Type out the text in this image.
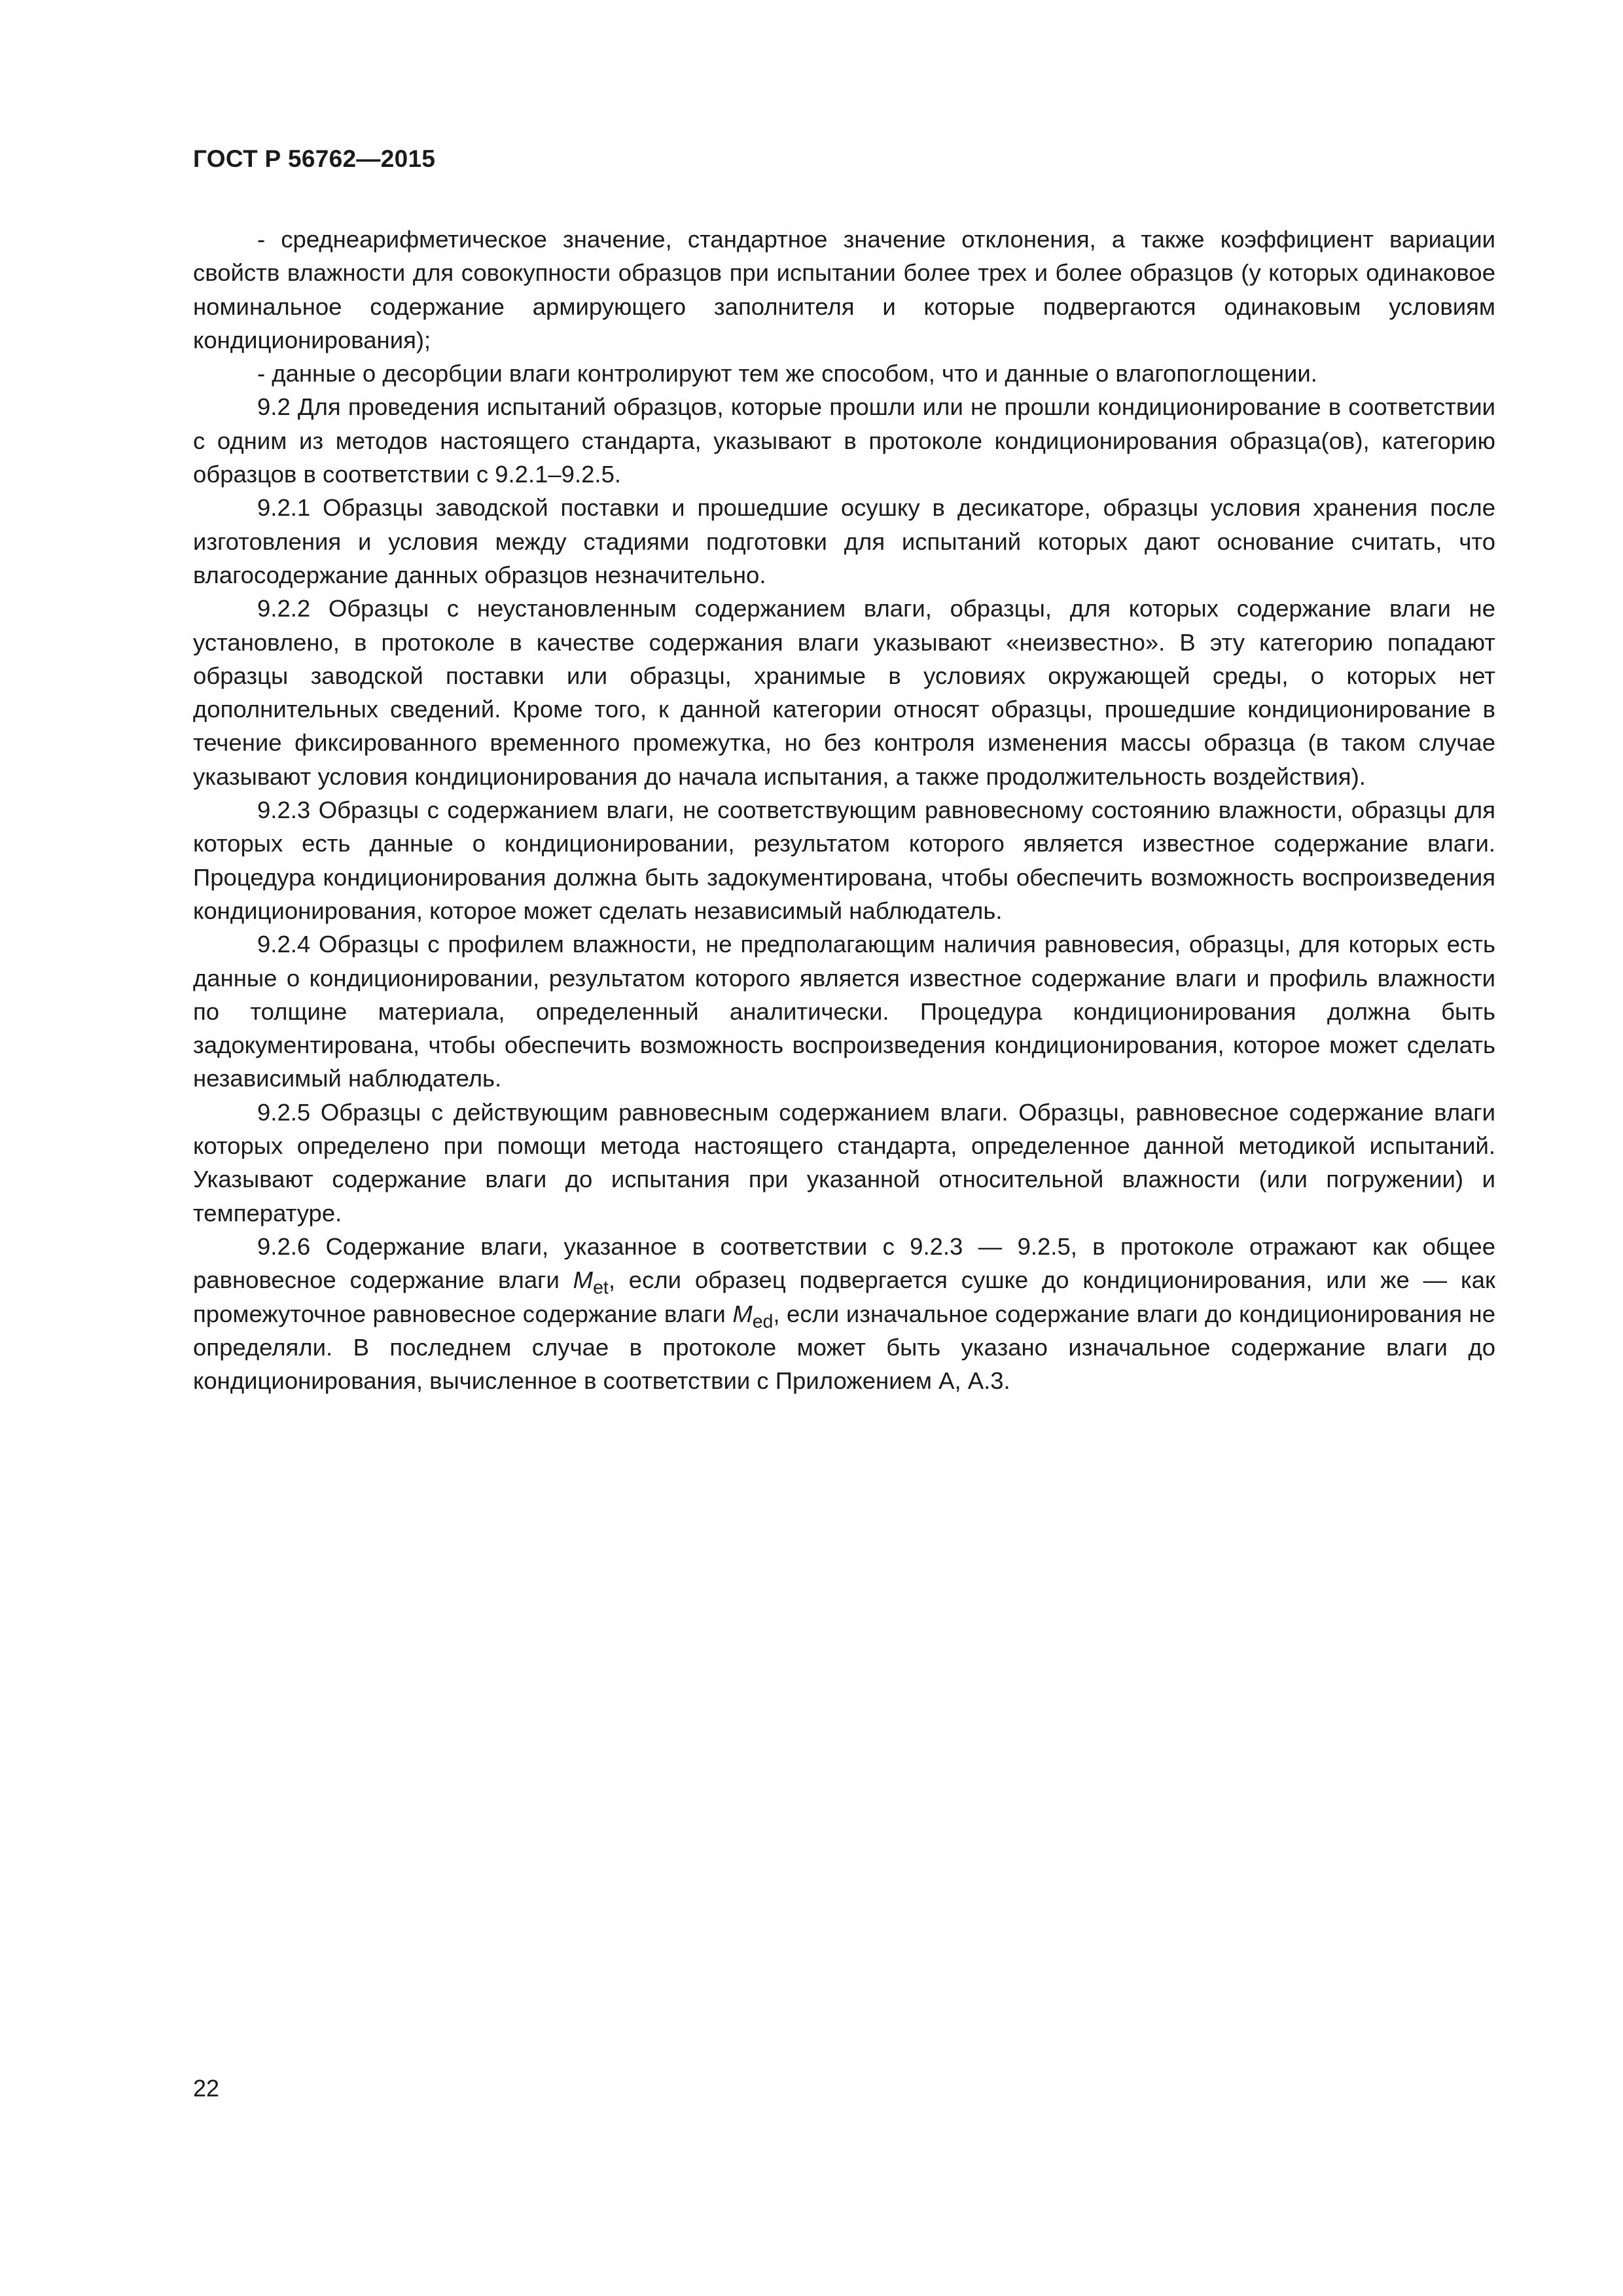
ГОСТ Р 56762—2015

- среднеарифметическое значение, стандартное значение отклонения, а также коэффициент вариации свойств влажности для совокупности образцов при испытании более трех и более образцов (у которых одинаковое номинальное содержание армирующего заполнителя и которые подвергаются одинаковым условиям кондиционирования);

- данные о десорбции влаги контролируют тем же способом, что и данные о влагопоглощении.

9.2 Для проведения испытаний образцов, которые прошли или не прошли кондиционирование в соответствии с одним из методов настоящего стандарта, указывают в протоколе кондиционирования образца(ов), категорию образцов в соответствии с 9.2.1–9.2.5.

9.2.1 Образцы заводской поставки и прошедшие осушку в десикаторе, образцы условия хранения после изготовления и условия между стадиями подготовки для испытаний которых дают основание считать, что влагосодержание данных образцов незначительно.

9.2.2 Образцы с неустановленным содержанием влаги, образцы, для которых содержание влаги не установлено, в протоколе в качестве содержания влаги указывают «неизвестно». В эту категорию попадают образцы заводской поставки или образцы, хранимые в условиях окружающей среды, о которых нет дополнительных сведений. Кроме того, к данной категории относят образцы, прошедшие кондиционирование в течение фиксированного временного промежутка, но без контроля изменения массы образца (в таком случае указывают условия кондиционирования до начала испытания, а также продолжительность воздействия).

9.2.3 Образцы с содержанием влаги, не соответствующим равновесному состоянию влажности, образцы для которых есть данные о кондиционировании, результатом которого является известное содержание влаги. Процедура кондиционирования должна быть задокументирована, чтобы обеспечить возможность воспроизведения кондиционирования, которое может сделать независимый наблюдатель.

9.2.4 Образцы с профилем влажности, не предполагающим наличия равновесия, образцы, для которых есть данные о кондиционировании, результатом которого является известное содержание влаги и профиль влажности по толщине материала, определенный аналитически. Процедура кондиционирования должна быть задокументирована, чтобы обеспечить возможность воспроизведения кондиционирования, которое может сделать независимый наблюдатель.

9.2.5 Образцы с действующим равновесным содержанием влаги. Образцы, равновесное содержание влаги которых определено при помощи метода настоящего стандарта, определенное данной методикой испытаний. Указывают содержание влаги до испытания при указанной относительной влажности (или погружении) и температуре.

9.2.6 Содержание влаги, указанное в соответствии с 9.2.3 — 9.2.5, в протоколе отражают как общее равновесное содержание влаги $M_{et}$, если образец подвергается сушке до кондиционирования, или же — как промежуточное равновесное содержание влаги $M_{ed}$, если изначальное содержание влаги до кондиционирования не определяли. В последнем случае в протоколе может быть указано изначальное содержание влаги до кондиционирования, вычисленное в соответствии с Приложением А, А.3.

22
